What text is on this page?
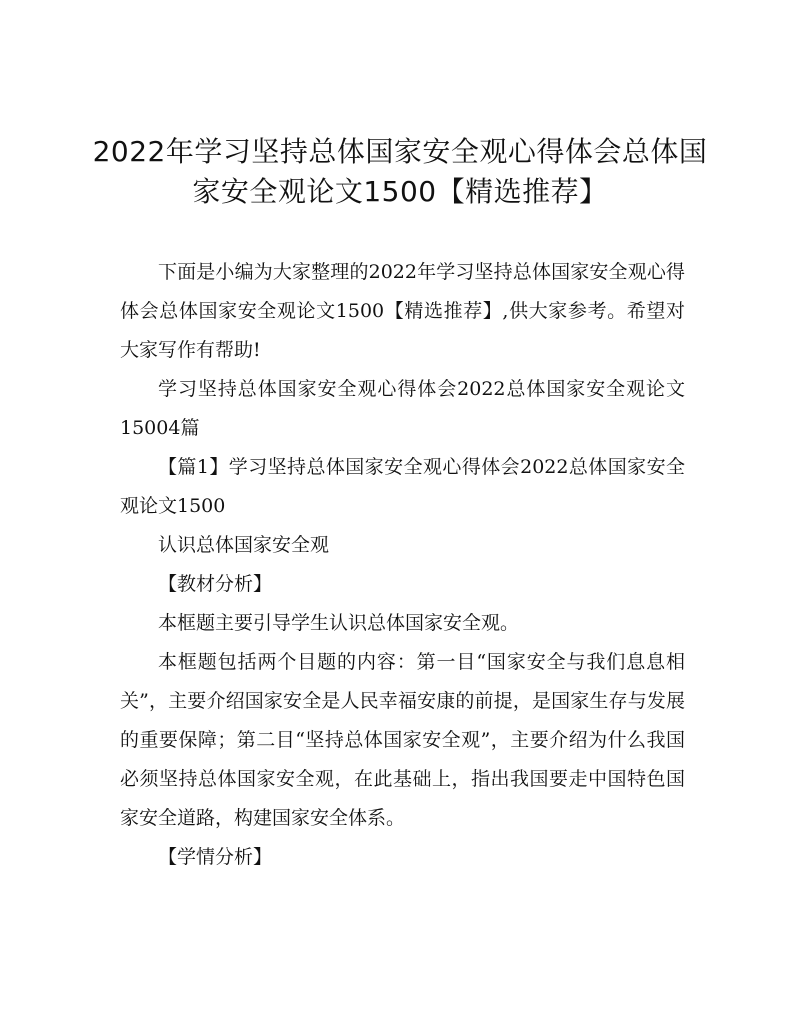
2022年学习坚持总体国家安全观心得体会总体国家安全观论文1500【精选推荐】

下面是小编为大家整理的2022年学习坚持总体国家安全观心得体会总体国家安全观论文1500【精选推荐】,供大家参考。希望对大家写作有帮助!

学习坚持总体国家安全观心得体会2022总体国家安全观论文15004篇

【篇1】学习坚持总体国家安全观心得体会2022总体国家安全观论文1500

认识总体国家安全观

【教材分析】

本框题主要引导学生认识总体国家安全观。

本框题包括两个目题的内容：第一目“国家安全与我们息息相关”，主要介绍国家安全是人民幸福安康的前提，是国家生存与发展的重要保障；第二目“坚持总体国家安全观”，主要介绍为什么我国必须坚持总体国家安全观，在此基础上，指出我国要走中国特色国家安全道路，构建国家安全体系。

【学情分析】
